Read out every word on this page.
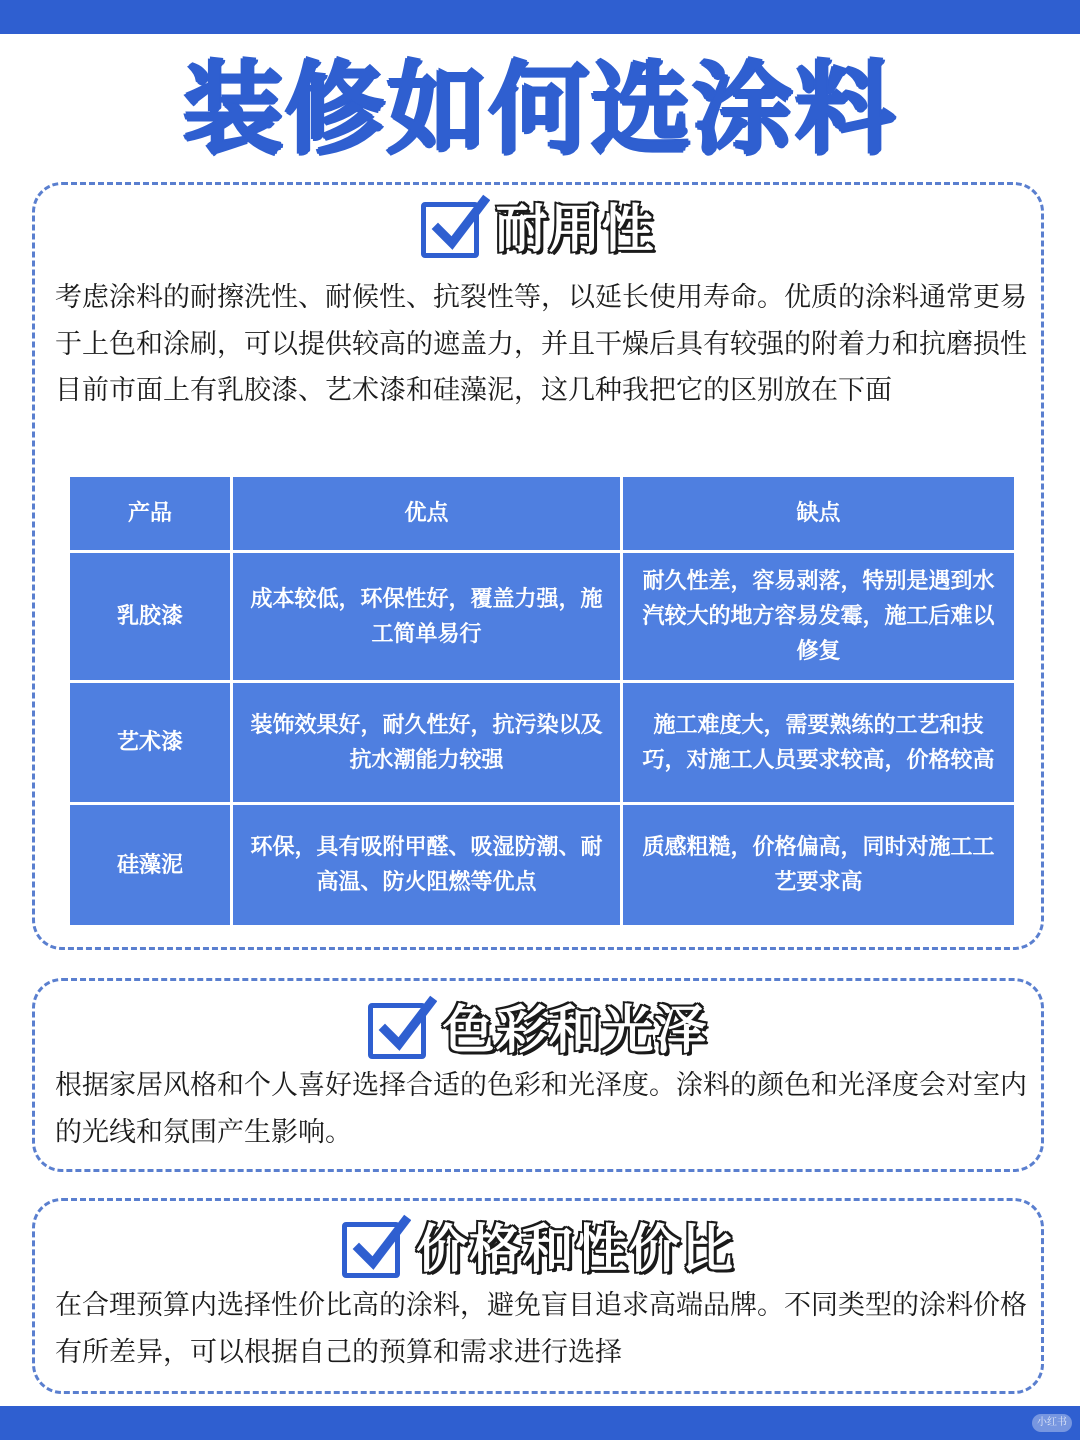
装修如何选涂料
耐用性

考虑涂料的耐擦洗性、耐候性、抗裂性等，以延长使用寿命。优质的涂料通常更易于上色和涂刷，可以提供较高的遮盖力，并且干燥后具有较强的附着力和抗磨损性

目前市面上有乳胶漆、艺术漆和硅藻泥，这几种我把它的区别放在下面

产品	优点	缺点
乳胶漆	成本较低，环保性好，覆盖力强，施工简单易行	耐久性差，容易剥落，特别是遇到水汽较大的地方容易发霉，施工后难以修复
艺术漆	装饰效果好，耐久性好，抗污染以及抗水潮能力较强	施工难度大，需要熟练的工艺和技巧，对施工人员要求较高，价格较高
硅藻泥	环保，具有吸附甲醛、吸湿防潮、耐高温、防火阻燃等优点	质感粗糙，价格偏高，同时对施工工艺要求高
色彩和光泽

根据家居风格和个人喜好选择合适的色彩和光泽度。涂料的颜色和光泽度会对室内的光线和氛围产生影响。

价格和性价比

在合理预算内选择性价比高的涂料，避免盲目追求高端品牌。不同类型的涂料价格有所差异，可以根据自己的预算和需求进行选择

小红书
